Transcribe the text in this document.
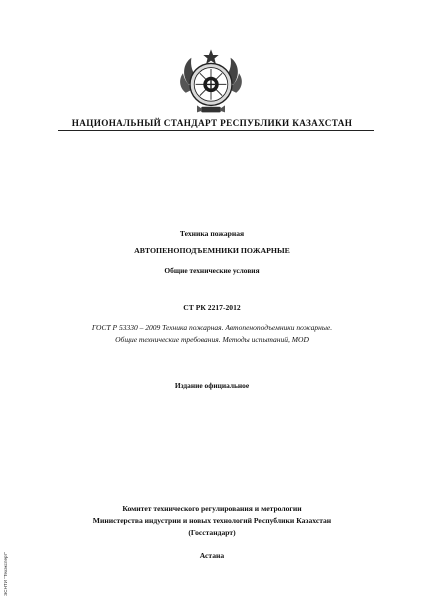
НАЦИОНАЛЬНЫЙ СТАНДАРТ РЕСПУБЛИКИ КАЗАХСТАН
Техника пожарная
АВТОПЕНОПОДЪЕМНИКИ ПОЖАРНЫЕ
Общие технические условия
СТ РК 2217-2012
ГОСТ Р 53330 – 2009 Техника пожарная. Автопеноподъемники пожарные.
Общие технические требования. Методы испытаний, MOD
Издание официальное
Комитет технического регулирования и метрологии
Министерства индустрии и новых технологий Республики Казахстан
(Госстандарт)
Астана
ЭСНТИ "Техэксперт"
